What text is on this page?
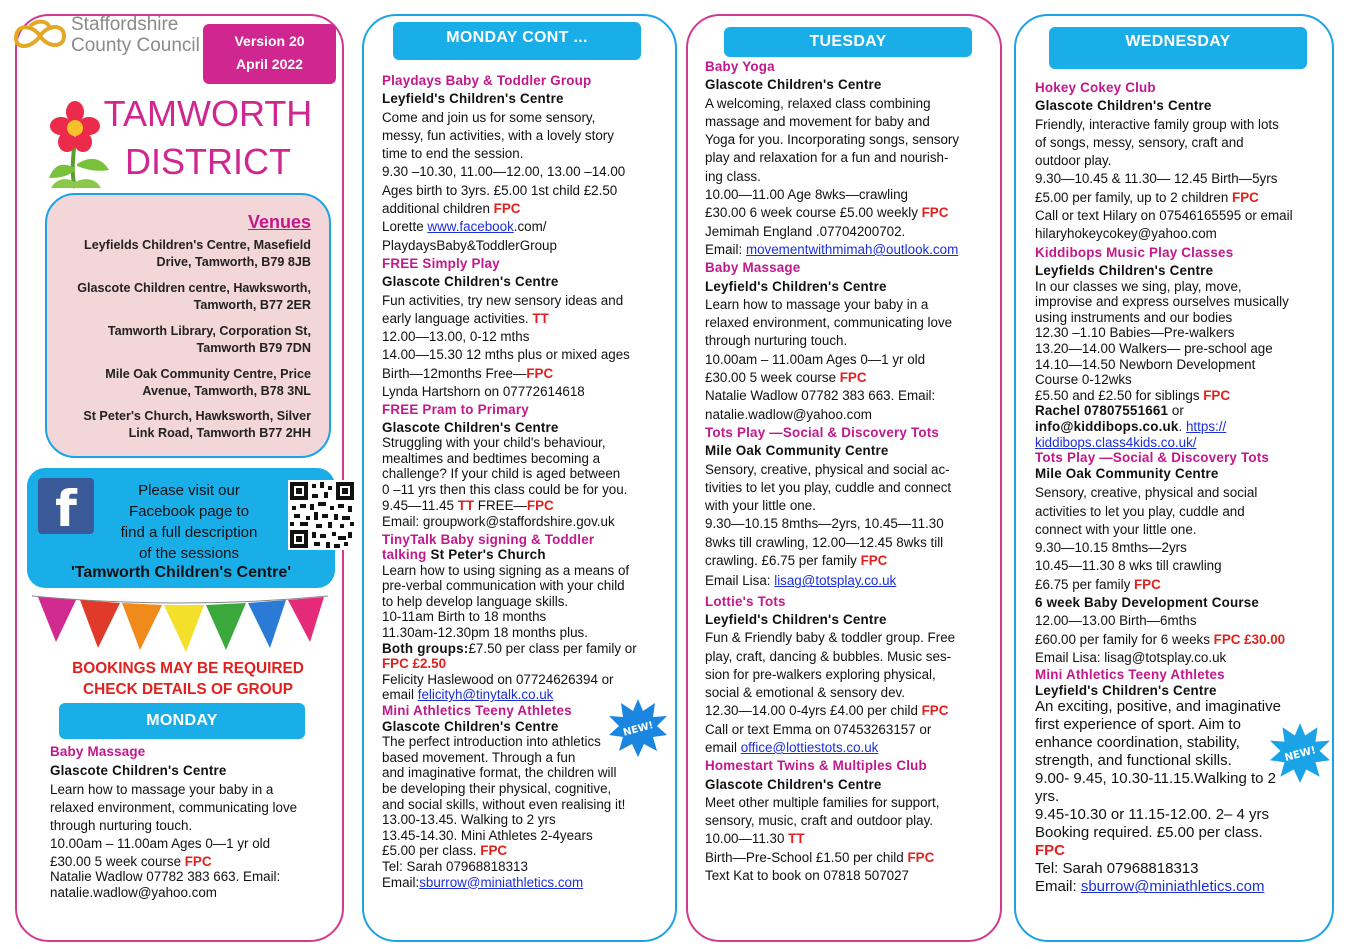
Staffordshire
County Council	Version 20
April 2022
TAMWORTH
DISTRICT
Venues
Leyfields Children's Centre, Masefield
Drive, Tamworth, B79 8JB
Glascote Children centre, Hawksworth,
Tamworth, B77 2ER
Tamworth Library, Corporation St,
Tamworth B79 7DN
Mile Oak Community Centre, Price
Avenue, Tamworth, B78 3NL
St Peter's Church, Hawksworth, Silver
Link Road, Tamworth B77 2HH
f	Please visit our
Facebook page to
find a full description
of the sessions
'Tamworth Children's Centre'
BOOKINGS MAY BE REQUIRED
CHECK DETAILS OF GROUP
MONDAY
Baby Massage
Glascote Children's Centre
Learn how to massage your baby in a
relaxed environment, communicating love
through nurturing touch.
10.00am – 11.00am Ages 0—1 yr old
£30.00 5 week course FPC
Natalie Wadlow 07782 383 663. Email:
natalie.wadlow@yahoo.com
MONDAY CONT ...
Playdays Baby & Toddler Group
Leyfield's Children's Centre
Come and join us for some sensory,
messy, fun activities, with a lovely story
time to end the session.
9.30 –10.30, 11.00—12.00, 13.00 –14.00
Ages birth to 3yrs. £5.00 1st child £2.50
additional children FPC
Lorette www.facebook.com/
PlaydaysBaby&ToddlerGroup
FREE Simply Play
Glascote Children's Centre
Fun activities, try new sensory ideas and
early language activities. TT
12.00—13.00, 0-12 mths
14.00—15.30 12 mths plus or mixed ages
Birth—12months Free—FPC
Lynda Hartshorn on 07772614618
FREE Pram to Primary
Glascote Children's Centre
Struggling with your child's behaviour,
mealtimes and bedtimes becoming a
challenge? If your child is aged between
0 –11 yrs then this class could be for you.
9.45—11.45 TT FREE—FPC
Email: groupwork@staffordshire.gov.uk
TinyTalk Baby signing & Toddler
talking St Peter's Church
Learn how to using signing as a means of
pre-verbal communication with your child
to help develop language skills.
10-11am Birth to 18 months
11.30am-12.30pm 18 months plus.
Both groups:£7.50 per class per family or
FPC £2.50
Felicity Haslewood on 07724626394 or
email felicityh@tinytalk.co.uk
Mini Athletics Teeny Athletes
Glascote Children's Centre
The perfect introduction into athletics
based movement. Through a fun
and imaginative format, the children will
be developing their physical, cognitive,
and social skills, without even realising it!
13.00-13.45. Walking to 2 yrs
13.45-14.30. Mini Athletes 2-4years
£5.00 per class. FPC
Tel: Sarah 07968818313
Email:sburrow@miniathletics.com
NEW!
TUESDAY
Baby Yoga
Glascote Children's Centre
A welcoming, relaxed class combining
massage and movement for baby and
Yoga for you. Incorporating songs, sensory
play and relaxation for a fun and nourish-
ing class.
10.00—11.00 Age 8wks—crawling
£30.00 6 week course £5.00 weekly FPC
Jemimah England .07704200702.
Email: movementwithmimah@outlook.com
Baby Massage
Leyfield's Children's Centre
Learn how to massage your baby in a
relaxed environment, communicating love
through nurturing touch.
10.00am – 11.00am Ages 0—1 yr old
£30.00 5 week course FPC
Natalie Wadlow 07782 383 663. Email:
natalie.wadlow@yahoo.com
Tots Play —Social & Discovery Tots
Mile Oak Community Centre
Sensory, creative, physical and social ac-
tivities to let you play, cuddle and connect
with your little one.
9.30—10.15 8mths—2yrs, 10.45—11.30
8wks till crawling, 12.00—12.45 8wks till
crawling. £6.75 per family FPC
Email Lisa: lisag@totsplay.co.uk
Lottie's Tots
Leyfield's Children's Centre
Fun & Friendly baby & toddler group. Free
play, craft, dancing & bubbles. Music ses-
sion for pre-walkers exploring physical,
social & emotional & sensory dev.
12.30—14.00 0-4yrs £4.00 per child FPC
Call or text Emma on 07453263157 or
email office@lottiestots.co.uk
Homestart Twins & Multiples Club
Glascote Children's Centre
Meet other multiple families for support,
sensory, music, craft and outdoor play.
10.00—11.30 TT
Birth—Pre-School £1.50 per child FPC
Text Kat to book on 07818 507027
WEDNESDAY
Hokey Cokey Club
Glascote Children's Centre
Friendly, interactive family group with lots
of songs, messy, sensory, craft and
outdoor play.
9.30—10.45 & 11.30— 12.45 Birth—5yrs
£5.00 per family, up to 2 children FPC
Call or text Hilary on 07546165595 or email
hilaryhokeycokey@yahoo.com
Kiddibops Music Play Classes
Leyfields Children's Centre
In our classes we sing, play, move,
improvise and express ourselves musically
using instruments and our bodies
12.30 –1.10 Babies—Pre-walkers
13.20—14.00 Walkers— pre-school age
14.10—14.50 Newborn Development
Course 0-12wks
£5.50 and £2.50 for siblings FPC
Rachel 07807551661 or
info@kiddibops.co.uk. https://
kiddibops.class4kids.co.uk/
Tots Play —Social & Discovery Tots
Mile Oak Community Centre
Sensory, creative, physical and social
activities to let you play, cuddle and
connect with your little one.
9.30—10.15 8mths—2yrs
10.45—11.30 8 wks till crawling
£6.75 per family FPC
6 week Baby Development Course
12.00—13.00 Birth—6mths
£60.00 per family for 6 weeks FPC £30.00
Email Lisa: lisag@totsplay.co.uk
Mini Athletics Teeny Athletes
Leyfield's Children's Centre
An exciting, positive, and imaginative
first experience of sport. Aim to
enhance coordination, stability,
strength, and functional skills.
9.00- 9.45, 10.30-11.15.Walking to 2
yrs.
9.45-10.30 or 11.15-12.00. 2– 4 yrs
Booking required. £5.00 per class.
FPC
Tel: Sarah 07968818313
Email: sburrow@miniathletics.com
NEW!
